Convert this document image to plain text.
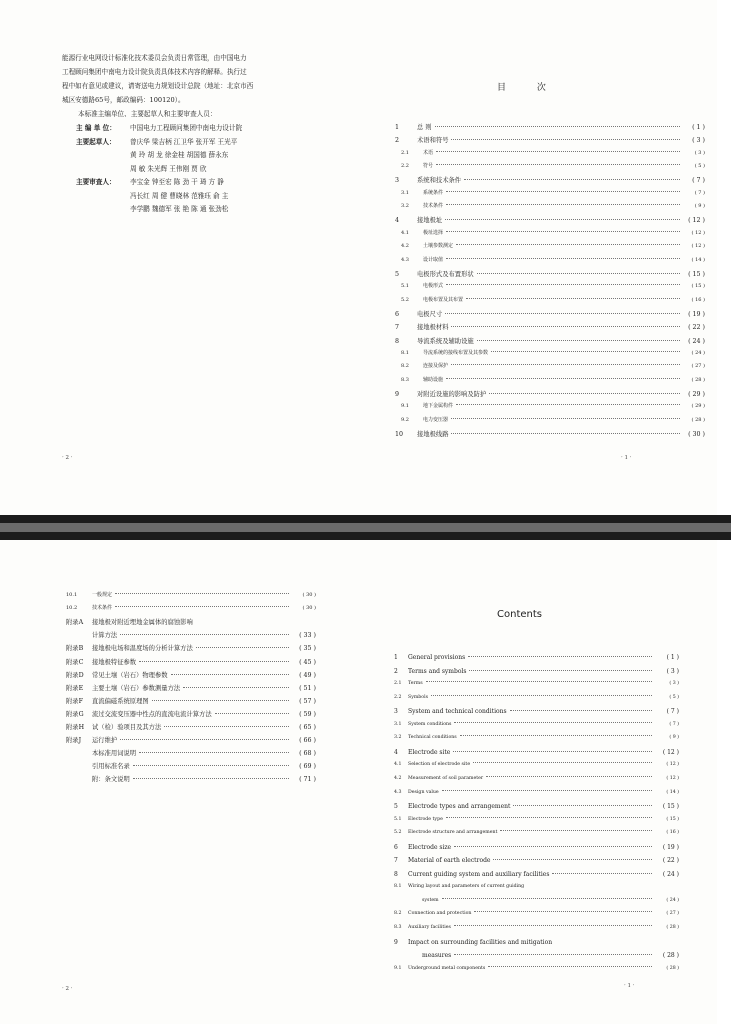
能源行业电网设计标准化技术委员会负责日常管理，由中国电力
工程顾问集团中南电力设计院负责具体技术内容的解释。执行过
程中如有意见或建议，请寄送电力规划设计总院（地址：北京市西
城区安德路65号，邮政编码：100120）。
本标准主编单位、主要起草人和主要审查人员：
主 编 单 位： 中国电力工程顾问集团中南电力设计院
主要起草人： 曾庆华 梁吉柄 江卫华 张开军 王光平
黄 玲 胡 龙 徐金桂 胡国德 薛永东
周 敏 朱光辉 王伟刚 贾 欣
主要审查人： 李宝金 钟至宏 陈 劲 干 琦 方 静
冯长红 周 健 曹晓林 范雅珏 俞 主
李学鹏 魏德军 张 艳 陈 通 张劲松
· 2 ·
目 次
· 1 ·
1	总 则	( 1 )
2	术语和符号	( 3 )
2.1	术语	( 3 )
2.2	符号	( 5 )
3	系统和技术条件	( 7 )
3.1	系统条件	( 7 )
3.2	技术条件	( 9 )
4	接地极址	( 12 )
4.1	极址选择	( 12 )
4.2	土壤参数测定	( 12 )
4.3	设计取值	( 14 )
5	电极形式及布置形状	( 15 )
5.1	电极形式	( 15 )
5.2	电极布置及其布置	( 16 )
6	电极尺寸	( 19 )
7	接地极材料	( 22 )
8	导流系统及辅助设施	( 24 )
8.1	导流系统的接线布置及其参数	( 24 )
8.2	连接及保护	( 27 )
8.3	辅助设施	( 28 )
9	对附近设施的影响及防护	( 29 )
9.1	地下金属构件	( 29 )
9.2	电力变压器	( 28 )
10	接地极线路	( 30 )
· 2 ·
10.1	一般规定	( 30 )
10.2	技术条件	( 30 )
附录A	接地极对附近埋地金属体的腐蚀影响
计算方法	( 33 )
附录B	接地极电场和温度场的分析计算方法	( 35 )
附录C	接地极特征参数	( 45 )
附录D	常见土壤（岩石）物理参数	( 49 )
附录E	主要土壤（岩石）参数测量方法	( 51 )
附录F	直流偏磁系统原理图	( 57 )
附录G	流过交流变压器中性点的直流电流计算方法	( 59 )
附录H	试（检）验项目及其方法	( 65 )
附录J	运行维护	( 66 )
本标准用词说明	( 68 )
引用标准名录	( 69 )
附：条文说明	( 71 )
Contents
· 1 ·
1	General provisions	( 1 )
2	Terms and symbols	( 3 )
2.1	Terms	( 3 )
2.2	Symbols	( 5 )
3	System and technical conditions	( 7 )
3.1	System conditions	( 7 )
3.2	Technical conditions	( 9 )
4	Electrode site	( 12 )
4.1	Selection of electrode site	( 12 )
4.2	Measurement of soil parameter	( 12 )
4.3	Design value	( 14 )
5	Electrode types and arrangement	( 15 )
5.1	Electrode type	( 15 )
5.2	Electrode structure and arrangement	( 16 )
6	Electrode size	( 19 )
7	Material of earth electrode	( 22 )
8	Current guiding system and auxiliary facilities	( 24 )
8.1	Wiring layout and parameters of current guiding
system	( 24 )
8.2	Connection and protection	( 27 )
8.3	Auxiliary facilities	( 28 )
9	Impact on surrounding facilities and mitigation
measures	( 28 )
9.1	Underground metal components	( 28 )
